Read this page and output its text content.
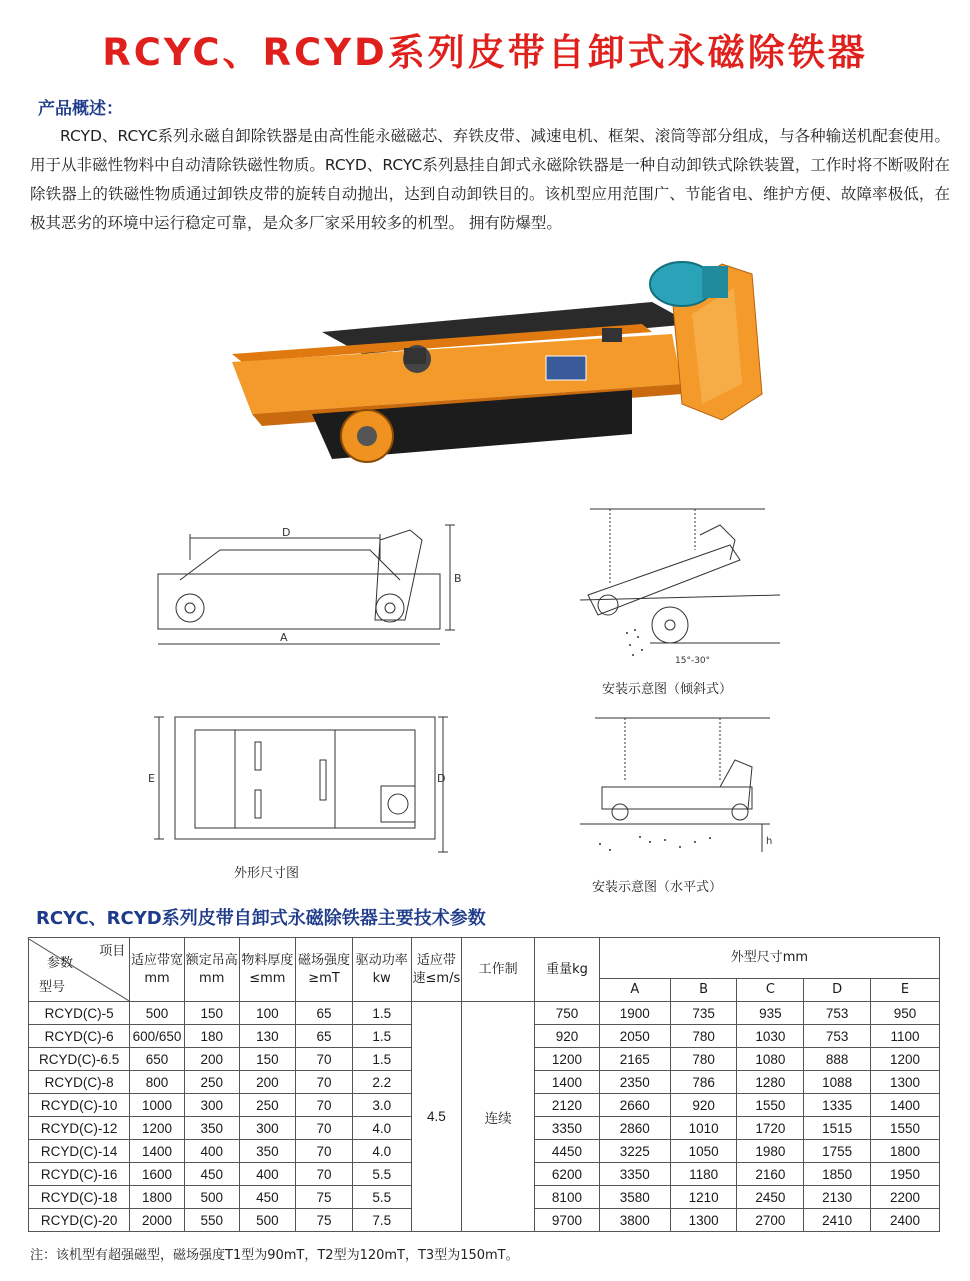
RCYC、RCYD系列皮带自卸式永磁除铁器
产品概述：
RCYD、RCYC系列永磁自卸除铁器是由高性能永磁磁芯、弃铁皮带、减速电机、框架、滚筒等部分组成，与各种输送机配套使用。用于从非磁性物料中自动清除铁磁性物质。RCYD、RCYC系列悬挂自卸式永磁除铁器是一种自动卸铁式除铁装置，工作时将不断吸附在除铁器上的铁磁性物质通过卸铁皮带的旋转自动抛出，达到自动卸铁目的。该机型应用范围广、节能省电、维护方便、故障率极低，在极其恶劣的环境中运行稳定可靠，是众多厂家采用较多的机型。 拥有防爆型。
D
A
B
E	D
外形尺寸图
15°-30°
安装示意图（倾斜式）
h
安装示意图（水平式）
RCYC、RCYD系列皮带自卸式永磁除铁器主要技术参数
项目
参数
型号	适应带宽mm	额定吊高mm	物料厚度≤mm	磁场强度≥mT	驱动功率kw	适应带速≤m/s	工作制	重量kg	外型尺寸mm				
									A	B	C	D	E
RCYD(C)-5	500	150	100	65	1.5	4.5	连续	750	1900	735	935	753	950
RCYD(C)-6	600/650	180	130	65	1.5			920	2050	780	1030	753	1100
RCYD(C)-6.5	650	200	150	70	1.5			1200	2165	780	1080	888	1200
RCYD(C)-8	800	250	200	70	2.2			1400	2350	786	1280	1088	1300
RCYD(C)-10	1000	300	250	70	3.0			2120	2660	920	1550	1335	1400
RCYD(C)-12	1200	350	300	70	4.0			3350	2860	1010	1720	1515	1550
RCYD(C)-14	1400	400	350	70	4.0			4450	3225	1050	1980	1755	1800
RCYD(C)-16	1600	450	400	70	5.5			6200	3350	1180	2160	1850	1950
RCYD(C)-18	1800	500	450	75	5.5			8100	3580	1210	2450	2130	2200
RCYD(C)-20	2000	550	500	75	7.5			9700	3800	1300	2700	2410	2400
注：该机型有超强磁型，磁场强度T1型为90mT，T2型为120mT，T3型为150mT。
